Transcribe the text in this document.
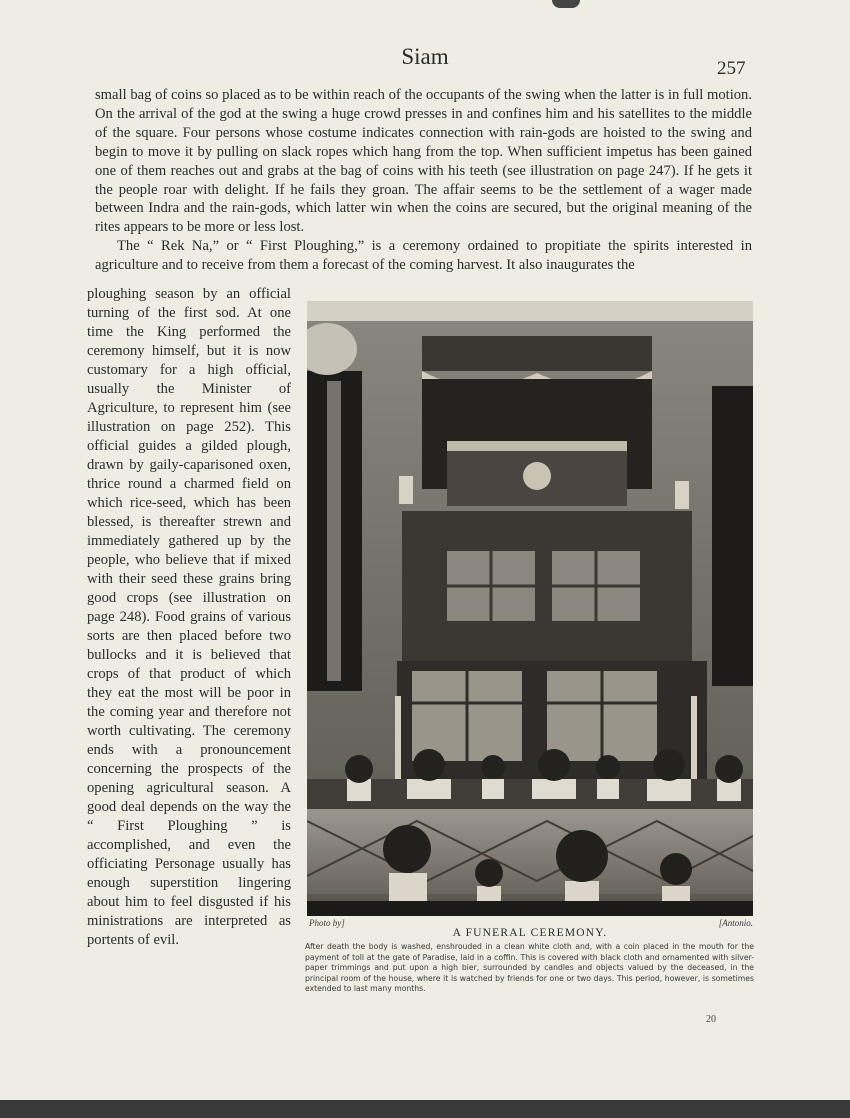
Siam	257

small bag of coins so placed as to be within reach of the occupants of the swing when the latter is in full motion. On the arrival of the god at the swing a huge crowd presses in and confines him and his satellites to the middle of the square. Four persons whose costume indicates connection with rain-gods are hoisted to the swing and begin to move it by pulling on slack ropes which hang from the top. When sufficient impetus has been gained one of them reaches out and grabs at the bag of coins with his teeth (see illustration on page 247). If he gets it the people roar with delight. If he fails they groan. The affair seems to be the settlement of a wager made between Indra and the rain-gods, which latter win when the coins are secured, but the original meaning of the rites appears to be more or less lost.

The “ Rek Na,” or “ First Ploughing,” is a ceremony ordained to propitiate the spirits interested in agriculture and to receive from them a forecast of the coming harvest. It also inaugurates the

ploughing season by an official turning of the first sod. At one time the King performed the ceremony himself, but it is now customary for a high official, usually the Minister of Agriculture, to represent him (see illustration on page 252). This official guides a gilded plough, drawn by gaily-caparisoned oxen, thrice round a charmed field on which rice-seed, which has been blessed, is thereafter strewn and immediately gathered up by the people, who believe that if mixed with their seed these grains bring good crops (see illustration on page 248). Food grains of various sorts are then placed before two bullocks and it is believed that crops of that product of which they eat the most will be poor in the coming year and therefore not worth cultivating. The ceremony ends with a pronouncement concerning the prospects of the opening agricultural season. A good deal depends on the way the “ First Ploughing ” is accomplished, and even the officiating Personage usually has enough superstition lingering about him to feel disgusted if his ministrations are interpreted as portents of evil.
Photo by]	[Antonio.
A FUNERAL CEREMONY.
After death the body is washed, enshrouded in a clean white cloth and, with a coin placed in the mouth for the payment of toll at the gate of Paradise, laid in a coffin. This is covered with black cloth and ornamented with silver-paper trimmings and put upon a high bier, surrounded by candles and objects valued by the deceased, in the principal room of the house, where it is watched by friends for one or two days. This period, however, is sometimes extended to last many months.
20
